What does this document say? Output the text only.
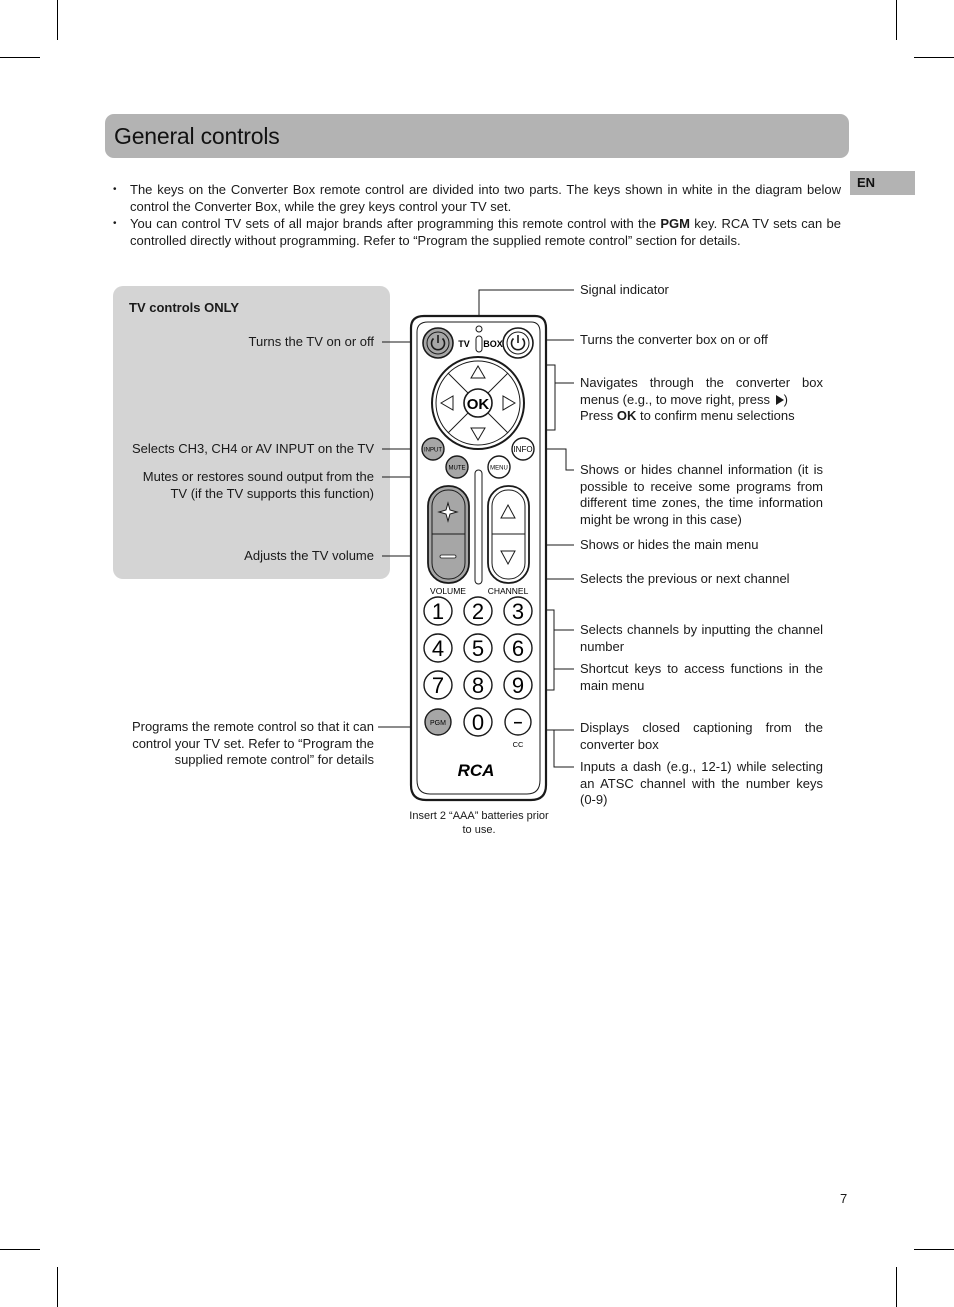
General controls
EN
• The keys on the Converter Box remote control are divided into two parts. The keys shown in white in the diagram below control the Converter Box, while the grey keys control your TV set.
• You can control TV sets of all major brands after programming this remote control with the PGM key. RCA TV sets can be controlled directly without programming. Refer to “Program the supplied remote control” section for details.
TV controls ONLY
Turns the TV on or off
Selects CH3, CH4 or AV INPUT on the TV
Mutes or restores sound output from the TV (if the TV supports this function)
Adjusts the TV volume
Programs the remote control so that it can control your TV set. Refer to “Program the supplied remote control” for details
Signal indicator
Turns the converter box on or off
Navigates through the converter box menus (e.g., to move right, press )
Press OK to confirm menu selections
Shows or hides channel information (it is possible to receive some programs from different time zones, the time information might be wrong in this case)
Shows or hides the main menu
Selects the previous or next channel
Selects channels by inputting the channel number
Shortcut keys to access functions in the main menu
Displays closed captioning from the converter box
Inputs a dash (e.g., 12-1) while selecting an ATSC channel with the number keys (0-9)
Insert 2 “AAA” batteries prior to use.
7
TV BOX
OK
INPUT	INFO
MUTE	MENU
VOLUME	CHANNEL
1 2 3
4 5 6
7 8 9
0
PGM	–
CC
RCA
